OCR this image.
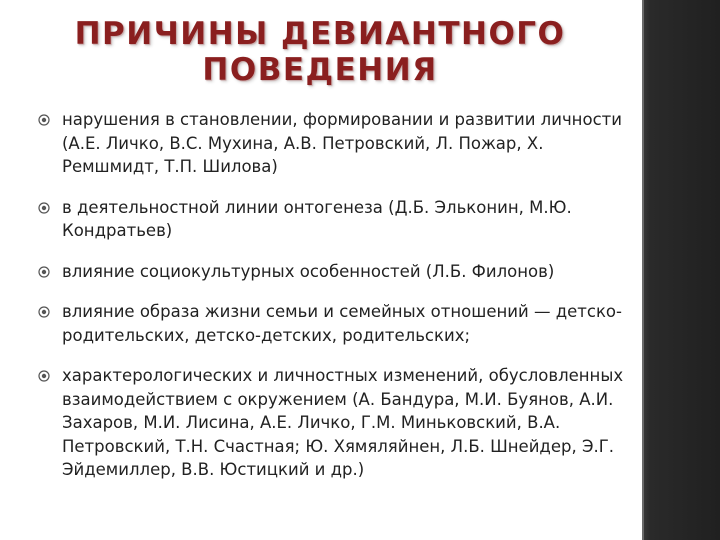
ПРИЧИНЫ ДЕВИАНТНОГО
ПОВЕДЕНИЯ
нарушения в становлении, формировании и развитии личности (А.Е. Личко, В.С. Мухина, А.В. Петровский, Л. Пожар, Х. Ремшмидт, Т.П. Шилова)
в деятельностной линии онтогенеза (Д.Б. Эльконин, М.Ю. Кондратьев)
влияние социокультурных особенностей (Л.Б. Филонов)
влияние образа жизни семьи и семейных отношений — детско-родительских, детско-детских, родительских;
характерологических и личностных изменений, обусловленных взаимодействием с окружением (А. Бандура, М.И. Буянов, А.И. Захаров, М.И. Лисина, А.Е. Личко, Г.М. Миньковский, В.А. Петровский, Т.Н. Счастная; Ю. Хямяляйнен, Л.Б. Шнейдер, Э.Г. Эйдемиллер, В.В. Юстицкий и др.)
